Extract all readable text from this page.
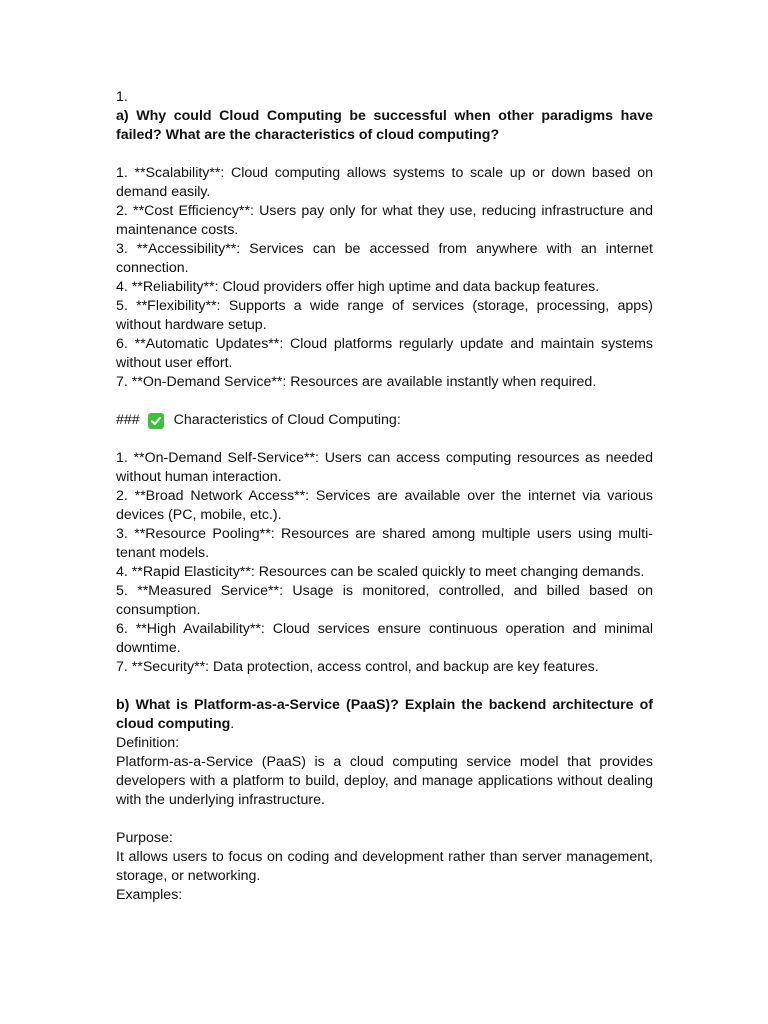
1.

a) Why could Cloud Computing be successful when other paradigms have failed? What are the characteristics of cloud computing?

1. **Scalability**: Cloud computing allows systems to scale up or down based on demand easily.

2. **Cost Efficiency**: Users pay only for what they use, reducing infrastructure and maintenance costs.

3. **Accessibility**: Services can be accessed from anywhere with an internet connection.

4. **Reliability**: Cloud providers offer high uptime and data backup features.

5. **Flexibility**: Supports a wide range of services (storage, processing, apps) without hardware setup.

6. **Automatic Updates**: Cloud platforms regularly update and maintain systems without user effort.

7. **On-Demand Service**: Resources are available instantly when required.

### Characteristics of Cloud Computing:

1. **On-Demand Self-Service**: Users can access computing resources as needed without human interaction.

2. **Broad Network Access**: Services are available over the internet via various devices (PC, mobile, etc.).

3. **Resource Pooling**: Resources are shared among multiple users using multi-tenant models.

4. **Rapid Elasticity**: Resources can be scaled quickly to meet changing demands.

5. **Measured Service**: Usage is monitored, controlled, and billed based on consumption.

6. **High Availability**: Cloud services ensure continuous operation and minimal downtime.

7. **Security**: Data protection, access control, and backup are key features.

b) What is Platform-as-a-Service (PaaS)? Explain the backend architecture of cloud computing.

Definition:

Platform-as-a-Service (PaaS) is a cloud computing service model that provides developers with a platform to build, deploy, and manage applications without dealing with the underlying infrastructure.

Purpose:

It allows users to focus on coding and development rather than server management, storage, or networking.

Examples:
